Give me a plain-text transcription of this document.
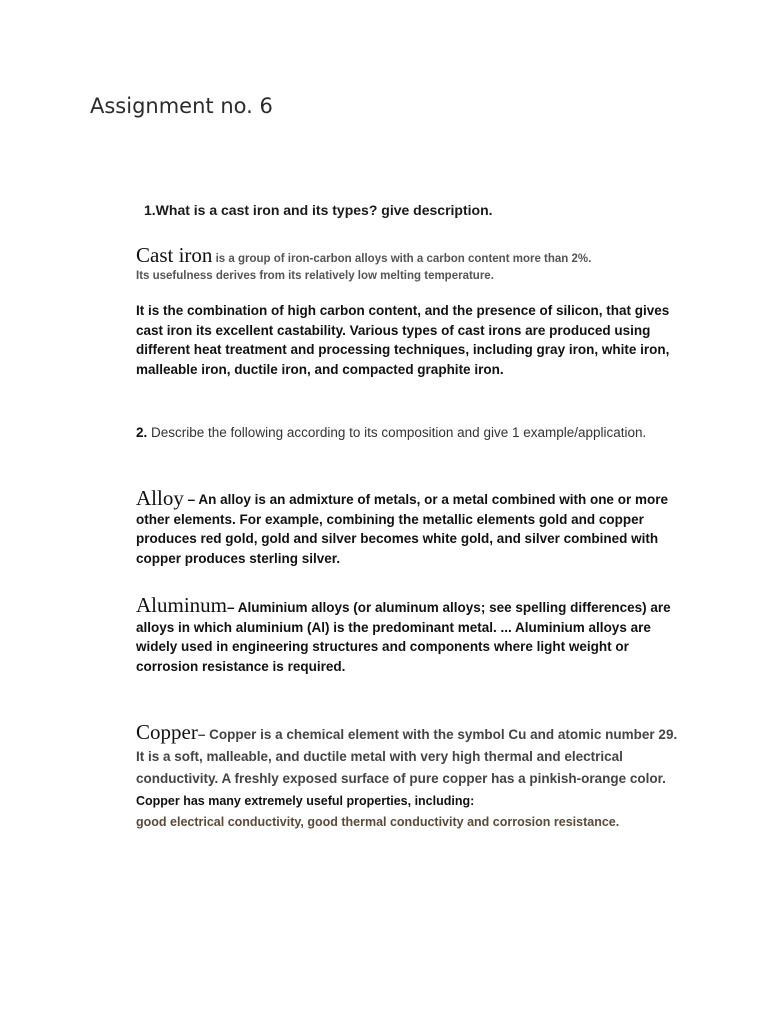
Assignment no. 6

1.What is a cast iron and its types? give description.

Cast iron is a group of iron-carbon alloys with a carbon content more than 2%.
Its usefulness derives from its relatively low melting temperature.

It is the combination of high carbon content, and the presence of silicon, that gives cast iron its excellent castability. Various types of cast irons are produced using different heat treatment and processing techniques, including gray iron, white iron, malleable iron, ductile iron, and compacted graphite iron.

2. Describe the following according to its composition and give 1 example/application.

Alloy – An alloy is an admixture of metals, or a metal combined with one or more other elements. For example, combining the metallic elements gold and copper produces red gold, gold and silver becomes white gold, and silver combined with copper produces sterling silver.

Aluminum– Aluminium alloys (or aluminum alloys; see spelling differences) are alloys in which aluminium (Al) is the predominant metal. ... Aluminium alloys are widely used in engineering structures and components where light weight or corrosion resistance is required.

Copper– Copper is a chemical element with the symbol Cu and atomic number 29. It is a soft, malleable, and ductile metal with very high thermal and electrical conductivity. A freshly exposed surface of pure copper has a pinkish-orange color. Copper has many extremely useful properties, including:
good electrical conductivity, good thermal conductivity and corrosion resistance.
